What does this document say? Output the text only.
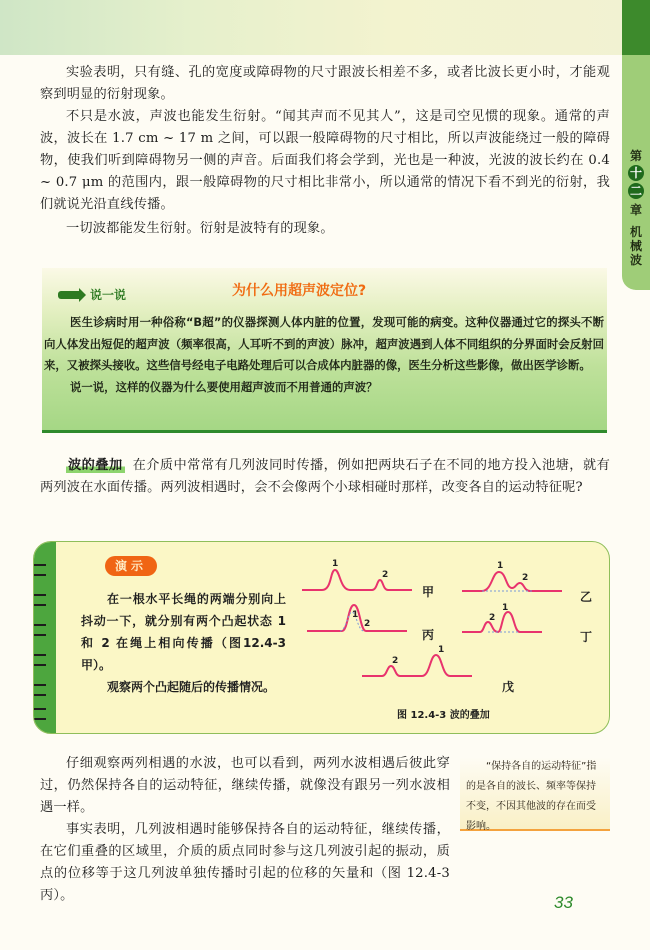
第
十
二
章
机械波

实验表明，只有缝、孔的宽度或障碍物的尺寸跟波长相差不多，或者比波长更小时，才能观察到明显的衍射现象。

不只是水波，声波也能发生衍射。“闻其声而不见其人”，这是司空见惯的现象。通常的声波，波长在 1.7 cm ~ 17 m 之间，可以跟一般障碍物的尺寸相比，所以声波能绕过一般的障碍物，使我们听到障碍物另一侧的声音。后面我们将会学到，光也是一种波，光波的波长约在 0.4 ~ 0.7 μm 的范围内，跟一般障碍物的尺寸相比非常小，所以通常的情况下看不到光的衍射，我们就说光沿直线传播。

一切波都能发生衍射。衍射是波特有的现象。

说一说	为什么用超声波定位?

医生诊病时用一种俗称“B超”的仪器探测人体内脏的位置，发现可能的病变。这种仪器通过它的探头不断向人体发出短促的超声波（频率很高，人耳听不到的声波）脉冲，超声波遇到人体不同组织的分界面时会反射回来，又被探头接收。这些信号经电子电路处理后可以合成体内脏器的像，医生分析这些影像，做出医学诊断。

说一说，这样的仪器为什么要使用超声波而不用普通的声波？

波的叠加 在介质中常常有几列波同时传播，例如把两块石子在不同的地方投入池塘，就有两列波在水面传播。两列波相遇时，会不会像两个小球相碰时那样，改变各自的运动特征呢?

演示

在一根水平长绳的两端分别向上抖动一下，就分别有两个凸起状态 1 和 2 在绳上相向传播（图12.4-3甲）。

观察两个凸起随后的传播情况。

1
2
1
2
1
2
1
2
2
1
甲	乙
丙	丁
戊
图 12.4-3 波的叠加

仔细观察两列相遇的水波，也可以看到，两列水波相遇后彼此穿过，仍然保持各自的运动特征，继续传播，就像没有跟另一列水波相遇一样。

“保持各自的运动特征”指的是各自的波长、频率等保持不变，不因其他波的存在而受影响。

事实表明，几列波相遇时能够保持各自的运动特征，继续传播，在它们重叠的区域里，介质的质点同时参与这几列波引起的振动，质点的位移等于这几列波单独传播时引起的位移的矢量和（图 12.4-3 丙）。	33
